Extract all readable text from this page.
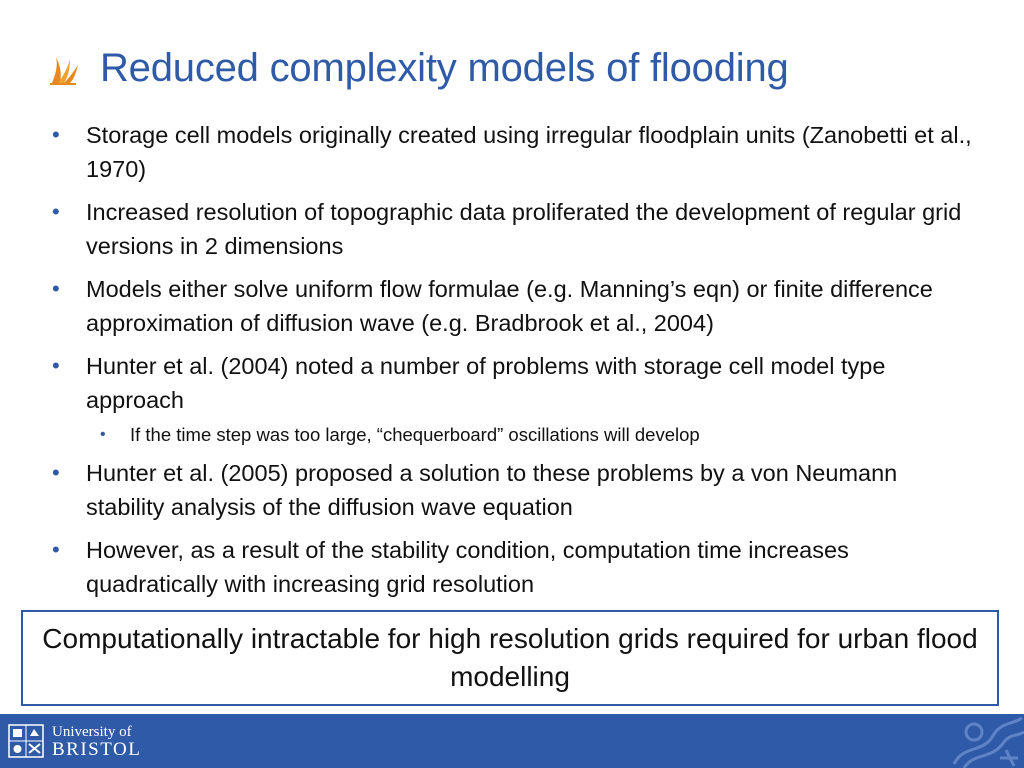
Reduced complexity models of flooding
• Storage cell models originally created using irregular floodplain units (Zanobetti et al., 1970)
• Increased resolution of topographic data proliferated the development of regular grid versions in 2 dimensions
• Models either solve uniform flow formulae (e.g. Manning’s eqn) or finite difference approximation of diffusion wave (e.g. Bradbrook et al., 2004)
• Hunter et al. (2004) noted a number of problems with storage cell model type approach
• If the time step was too large, “chequerboard” oscillations will develop
• Hunter et al. (2005) proposed a solution to these problems by a von Neumann stability analysis of the diffusion wave equation
• However, as a result of the stability condition, computation time increases quadratically with increasing grid resolution
Computationally intractable for high resolution grids required for urban flood modelling
University of
BRISTOL
